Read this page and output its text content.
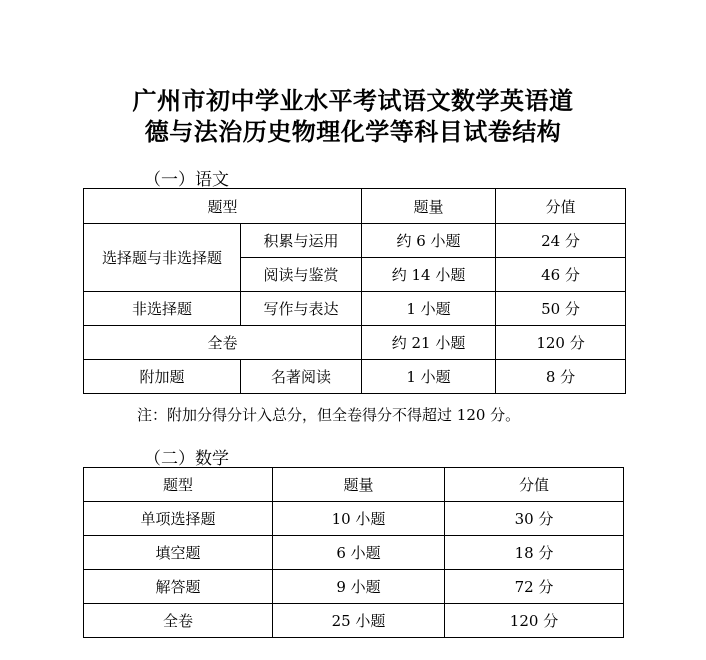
广州市初中学业水平考试语文数学英语道
德与法治历史物理化学等科目试卷结构
（一）语文
题型		题量	分值
选择题与非选择题	积累与运用	约 6 小题	24 分
	阅读与鉴赏	约 14 小题	46 分
非选择题	写作与表达	1 小题	50 分
全卷		约 21 小题	120 分
附加题	名著阅读	1 小题	8 分
注：附加分得分计入总分，但全卷得分不得超过 120 分。
（二）数学
题型	题量	分值
单项选择题	10 小题	30 分
填空题	6 小题	18 分
解答题	9 小题	72 分
全卷	25 小题	120 分
